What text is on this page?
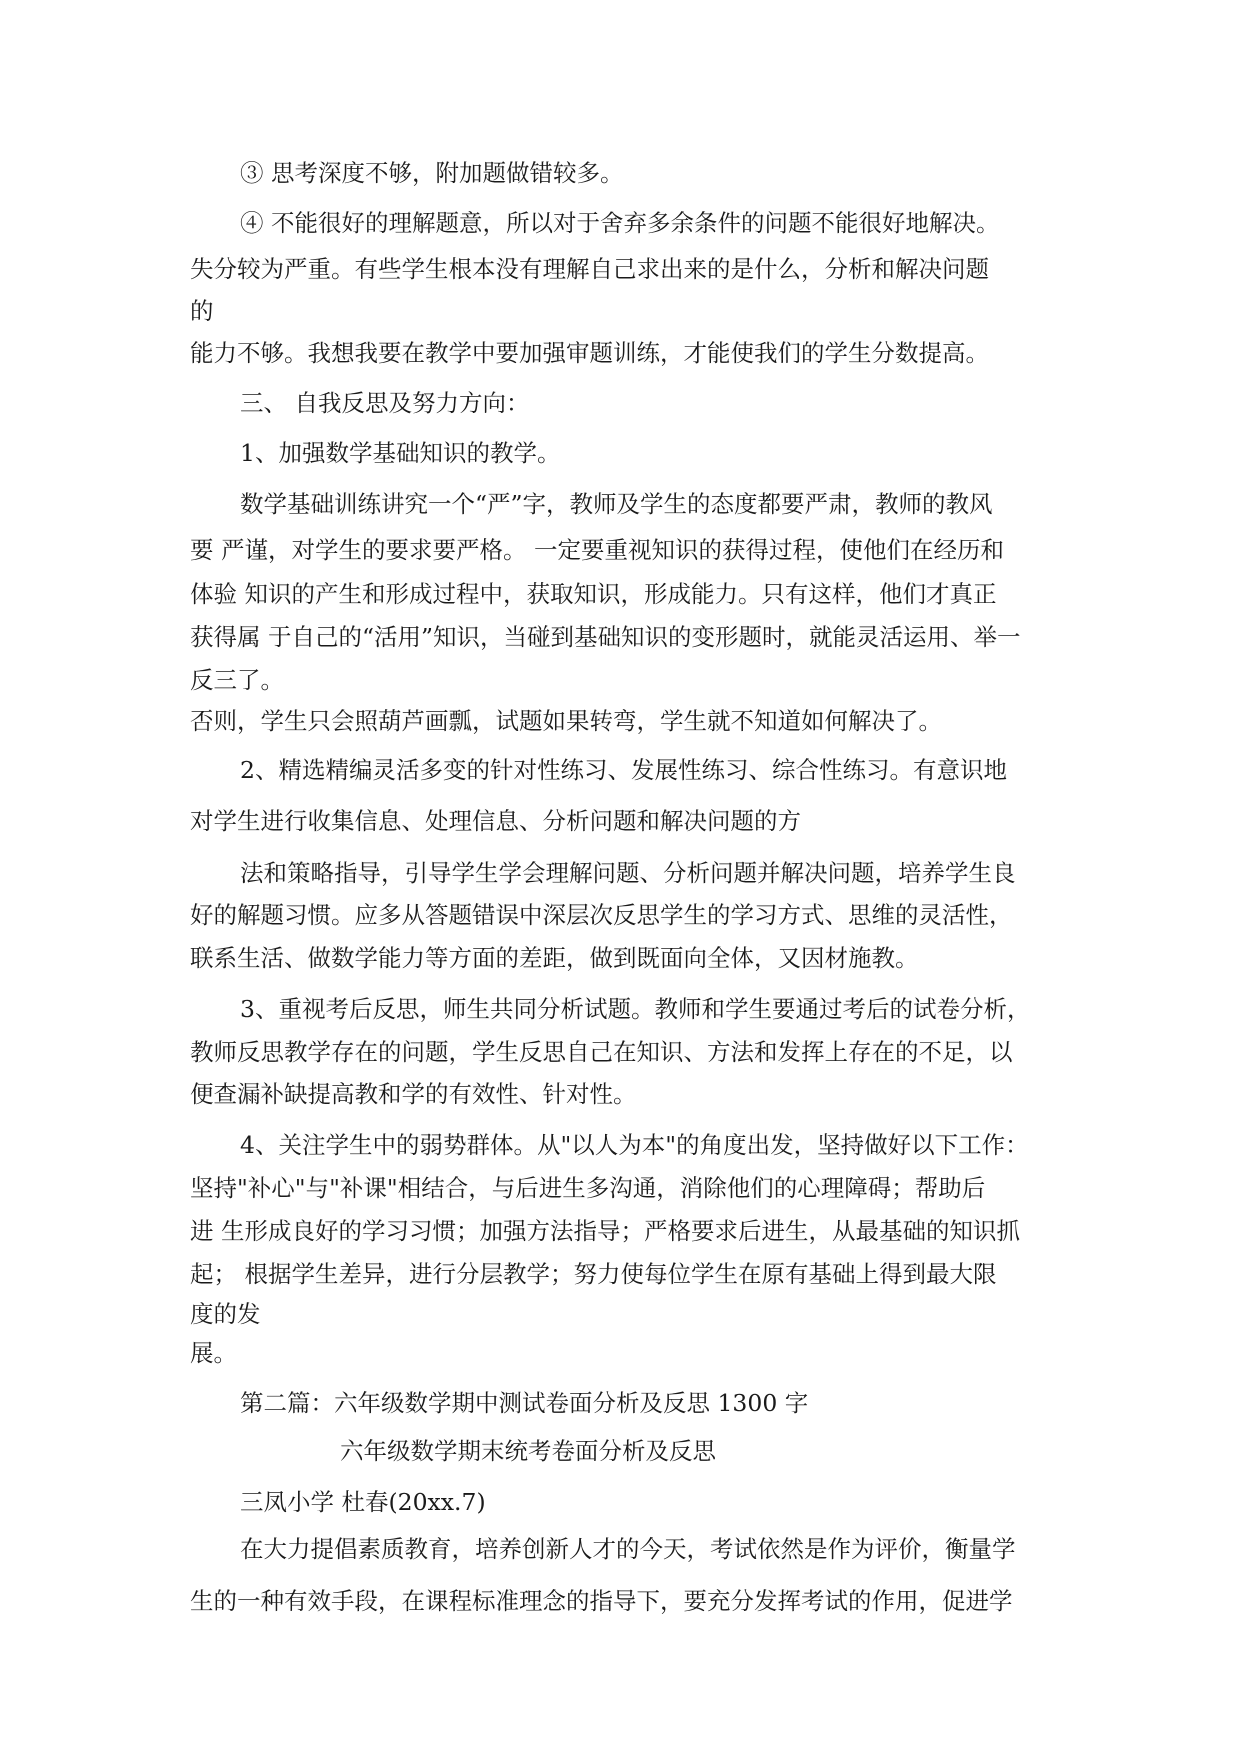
③ 思考深度不够，附加题做错较多。
④ 不能很好的理解题意，所以对于舍弃多余条件的问题不能很好地解决。
失分较为严重。有些学生根本没有理解自己求出来的是什么，分析和解决问题
的
能力不够。我想我要在教学中要加强审题训练，才能使我们的学生分数提高。
三、 自我反思及努力方向：
1、加强数学基础知识的教学。
数学基础训练讲究一个“严”字，教师及学生的态度都要严肃，教师的教风
要 严谨，对学生的要求要严格。 一定要重视知识的获得过程，使他们在经历和
体验 知识的产生和形成过程中，获取知识，形成能力。只有这样，他们才真正
获得属 于自己的“活用”知识，当碰到基础知识的变形题时，就能灵活运用、举一
反三了。
否则，学生只会照葫芦画瓢，试题如果转弯，学生就不知道如何解决了。
2、精选精编灵活多变的针对性练习、发展性练习、综合性练习。有意识地
对学生进行收集信息、处理信息、分析问题和解决问题的方
法和策略指导，引导学生学会理解问题、分析问题并解决问题，培养学生良
好的解题习惯。应多从答题错误中深层次反思学生的学习方式、思维的灵活性，
联系生活、做数学能力等方面的差距，做到既面向全体，又因材施教。
3、重视考后反思，师生共同分析试题。教师和学生要通过考后的试卷分析，
教师反思教学存在的问题，学生反思自己在知识、方法和发挥上存在的不足，以
便查漏补缺提高教和学的有效性、针对性。
4、关注学生中的弱势群体。从"以人为本"的角度出发，坚持做好以下工作：
坚持"补心"与"补课"相结合，与后进生多沟通，消除他们的心理障碍；帮助后
进 生形成良好的学习习惯；加强方法指导；严格要求后进生，从最基础的知识抓
起； 根据学生差异，进行分层教学；努力使每位学生在原有基础上得到最大限
度的发
展。
第二篇：六年级数学期中测试卷面分析及反思 1300 字
六年级数学期末统考卷面分析及反思
三凤小学 杜春(20xx.7)
在大力提倡素质教育，培养创新人才的今天，考试依然是作为评价，衡量学
生的一种有效手段，在课程标准理念的指导下，要充分发挥考试的作用，促进学
